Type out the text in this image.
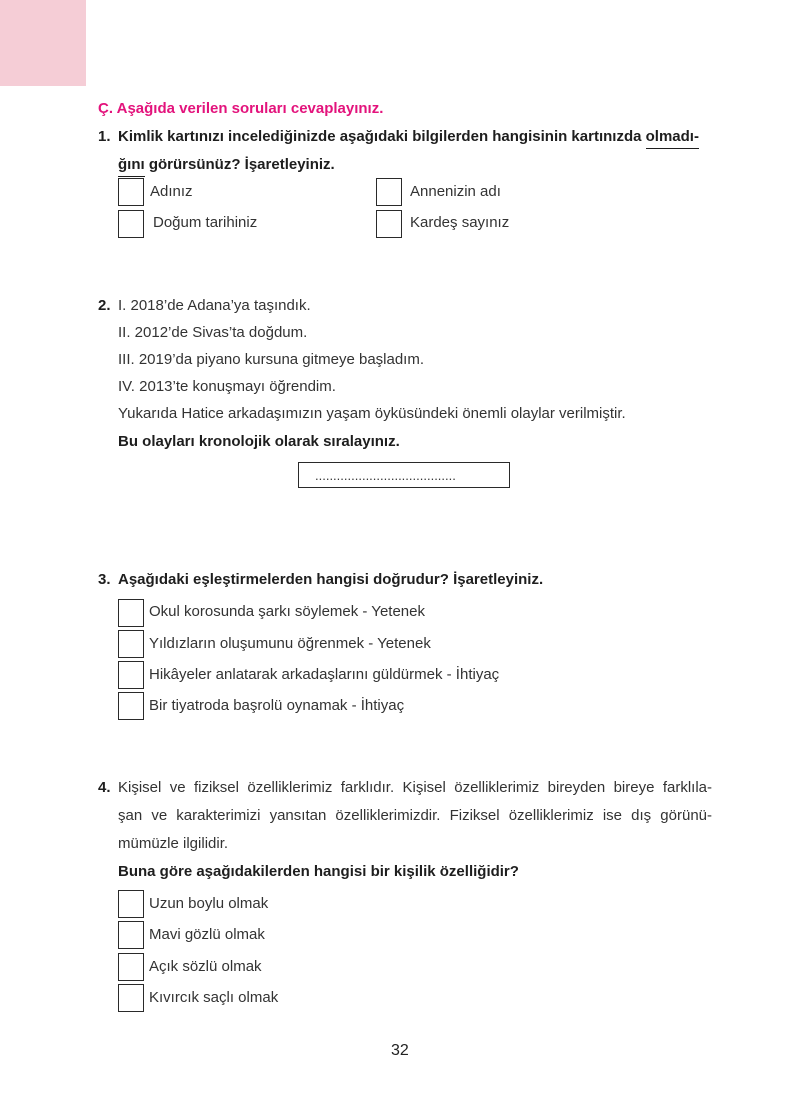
Ç. Aşağıda verilen soruları cevaplayınız.
1. Kimlik kartınızı incelediğinizde aşağıdaki bilgilerden hangisinin kartınızda olmadı-
ğını görürsünüz? İşaretleyiniz.
Adınız	Annenizin adı
Doğum tarihiniz	Kardeş sayınız
2. I. 2018’de Adana’ya taşındık.
II. 2012’de Sivas’ta doğdum.
III. 2019’da piyano kursuna gitmeye başladım.
IV. 2013’te konuşmayı öğrendim.
Yukarıda Hatice arkadaşımızın yaşam öyküsündeki önemli olaylar verilmiştir.
Bu olayları kronolojik olarak sıralayınız.
.......................................
3. Aşağıdaki eşleştirmelerden hangisi doğrudur? İşaretleyiniz.
Okul korosunda şarkı söylemek - Yetenek
Yıldızların oluşumunu öğrenmek - Yetenek
Hikâyeler anlatarak arkadaşlarını güldürmek - İhtiyaç
Bir tiyatroda başrolü oynamak - İhtiyaç
4. Kişisel ve fiziksel özelliklerimiz farklıdır. Kişisel özelliklerimiz bireyden bireye farklıla-
şan ve karakterimizi yansıtan özelliklerimizdir. Fiziksel özelliklerimiz ise dış görünü-
mümüzle ilgilidir.
Buna göre aşağıdakilerden hangisi bir kişilik özelliğidir?
Uzun boylu olmak
Mavi gözlü olmak
Açık sözlü olmak
Kıvırcık saçlı olmak
32
